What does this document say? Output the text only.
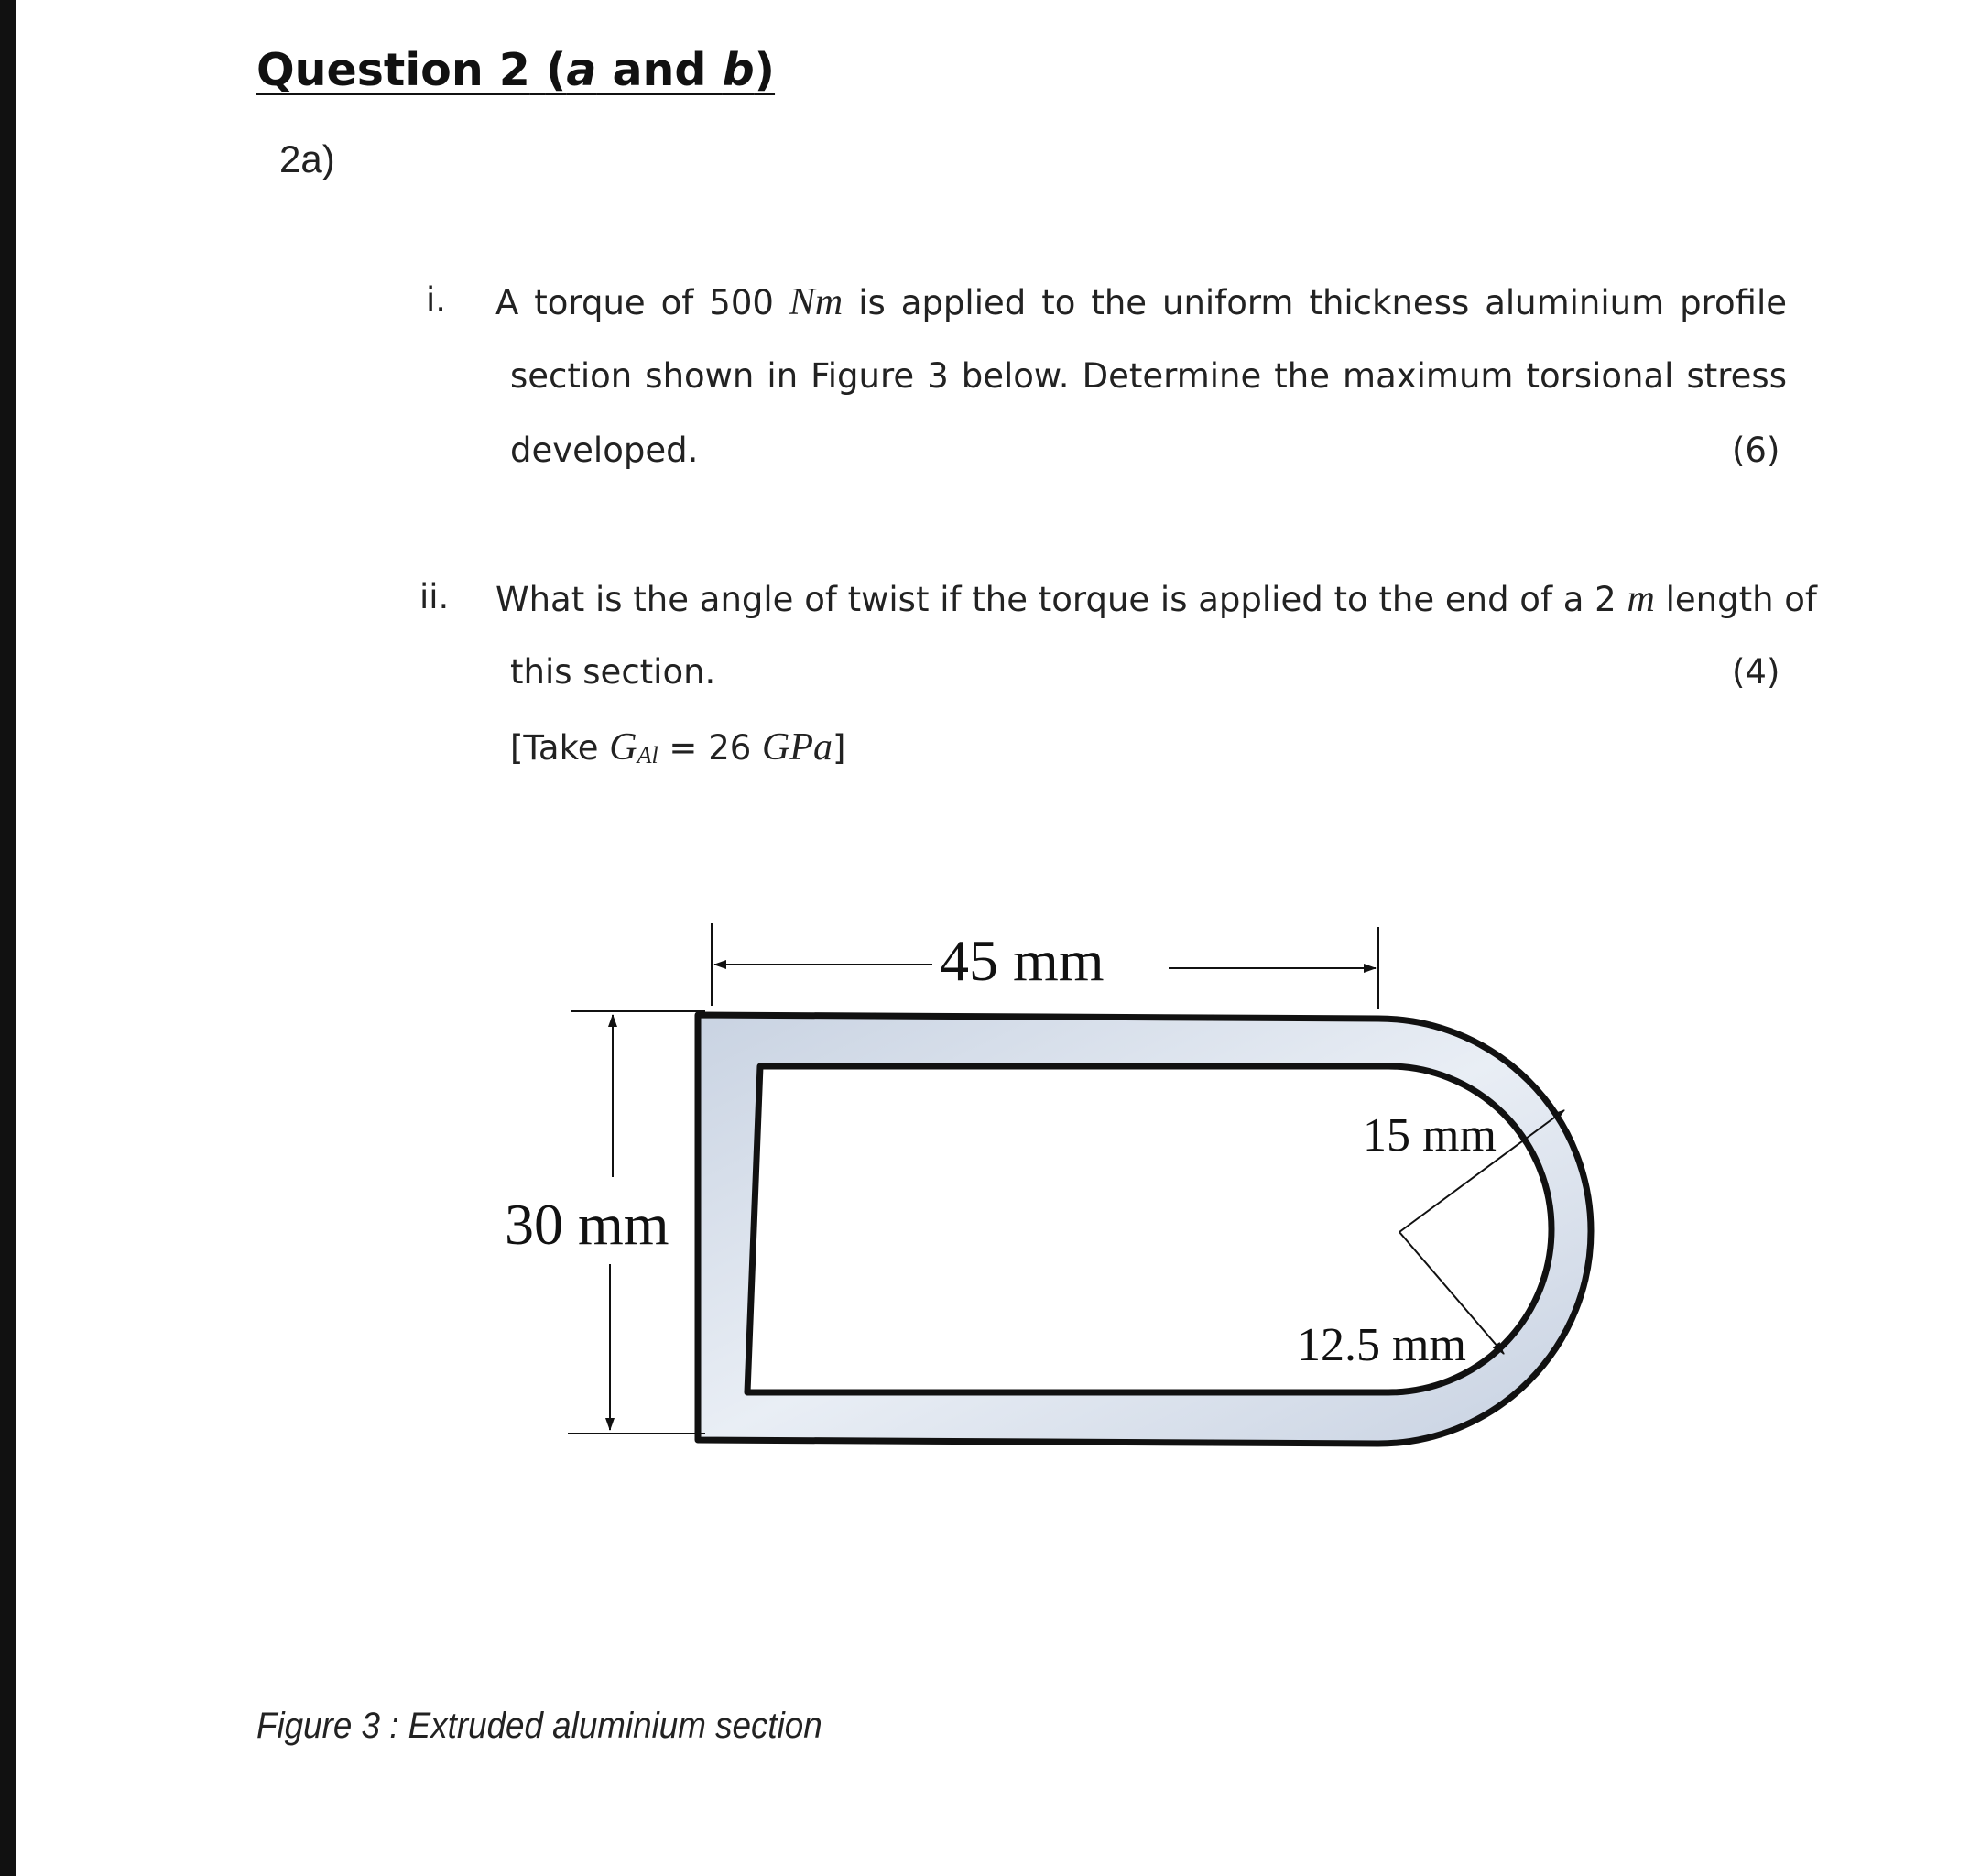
Question 2 (a and b)
2a)
i. A torque of 500 Nm is applied to the uniform thickness aluminium profile
section shown in Figure 3 below. Determine the maximum torsional stress
developed.	(6)
ii. What is the angle of twist if the torque is applied to the end of a 2 m length of
this section.	(4)
[Take GAl = 26 GPa]
45 mm
30 mm
15 mm
12.5 mm
Figure 3 : Extruded aluminium section
